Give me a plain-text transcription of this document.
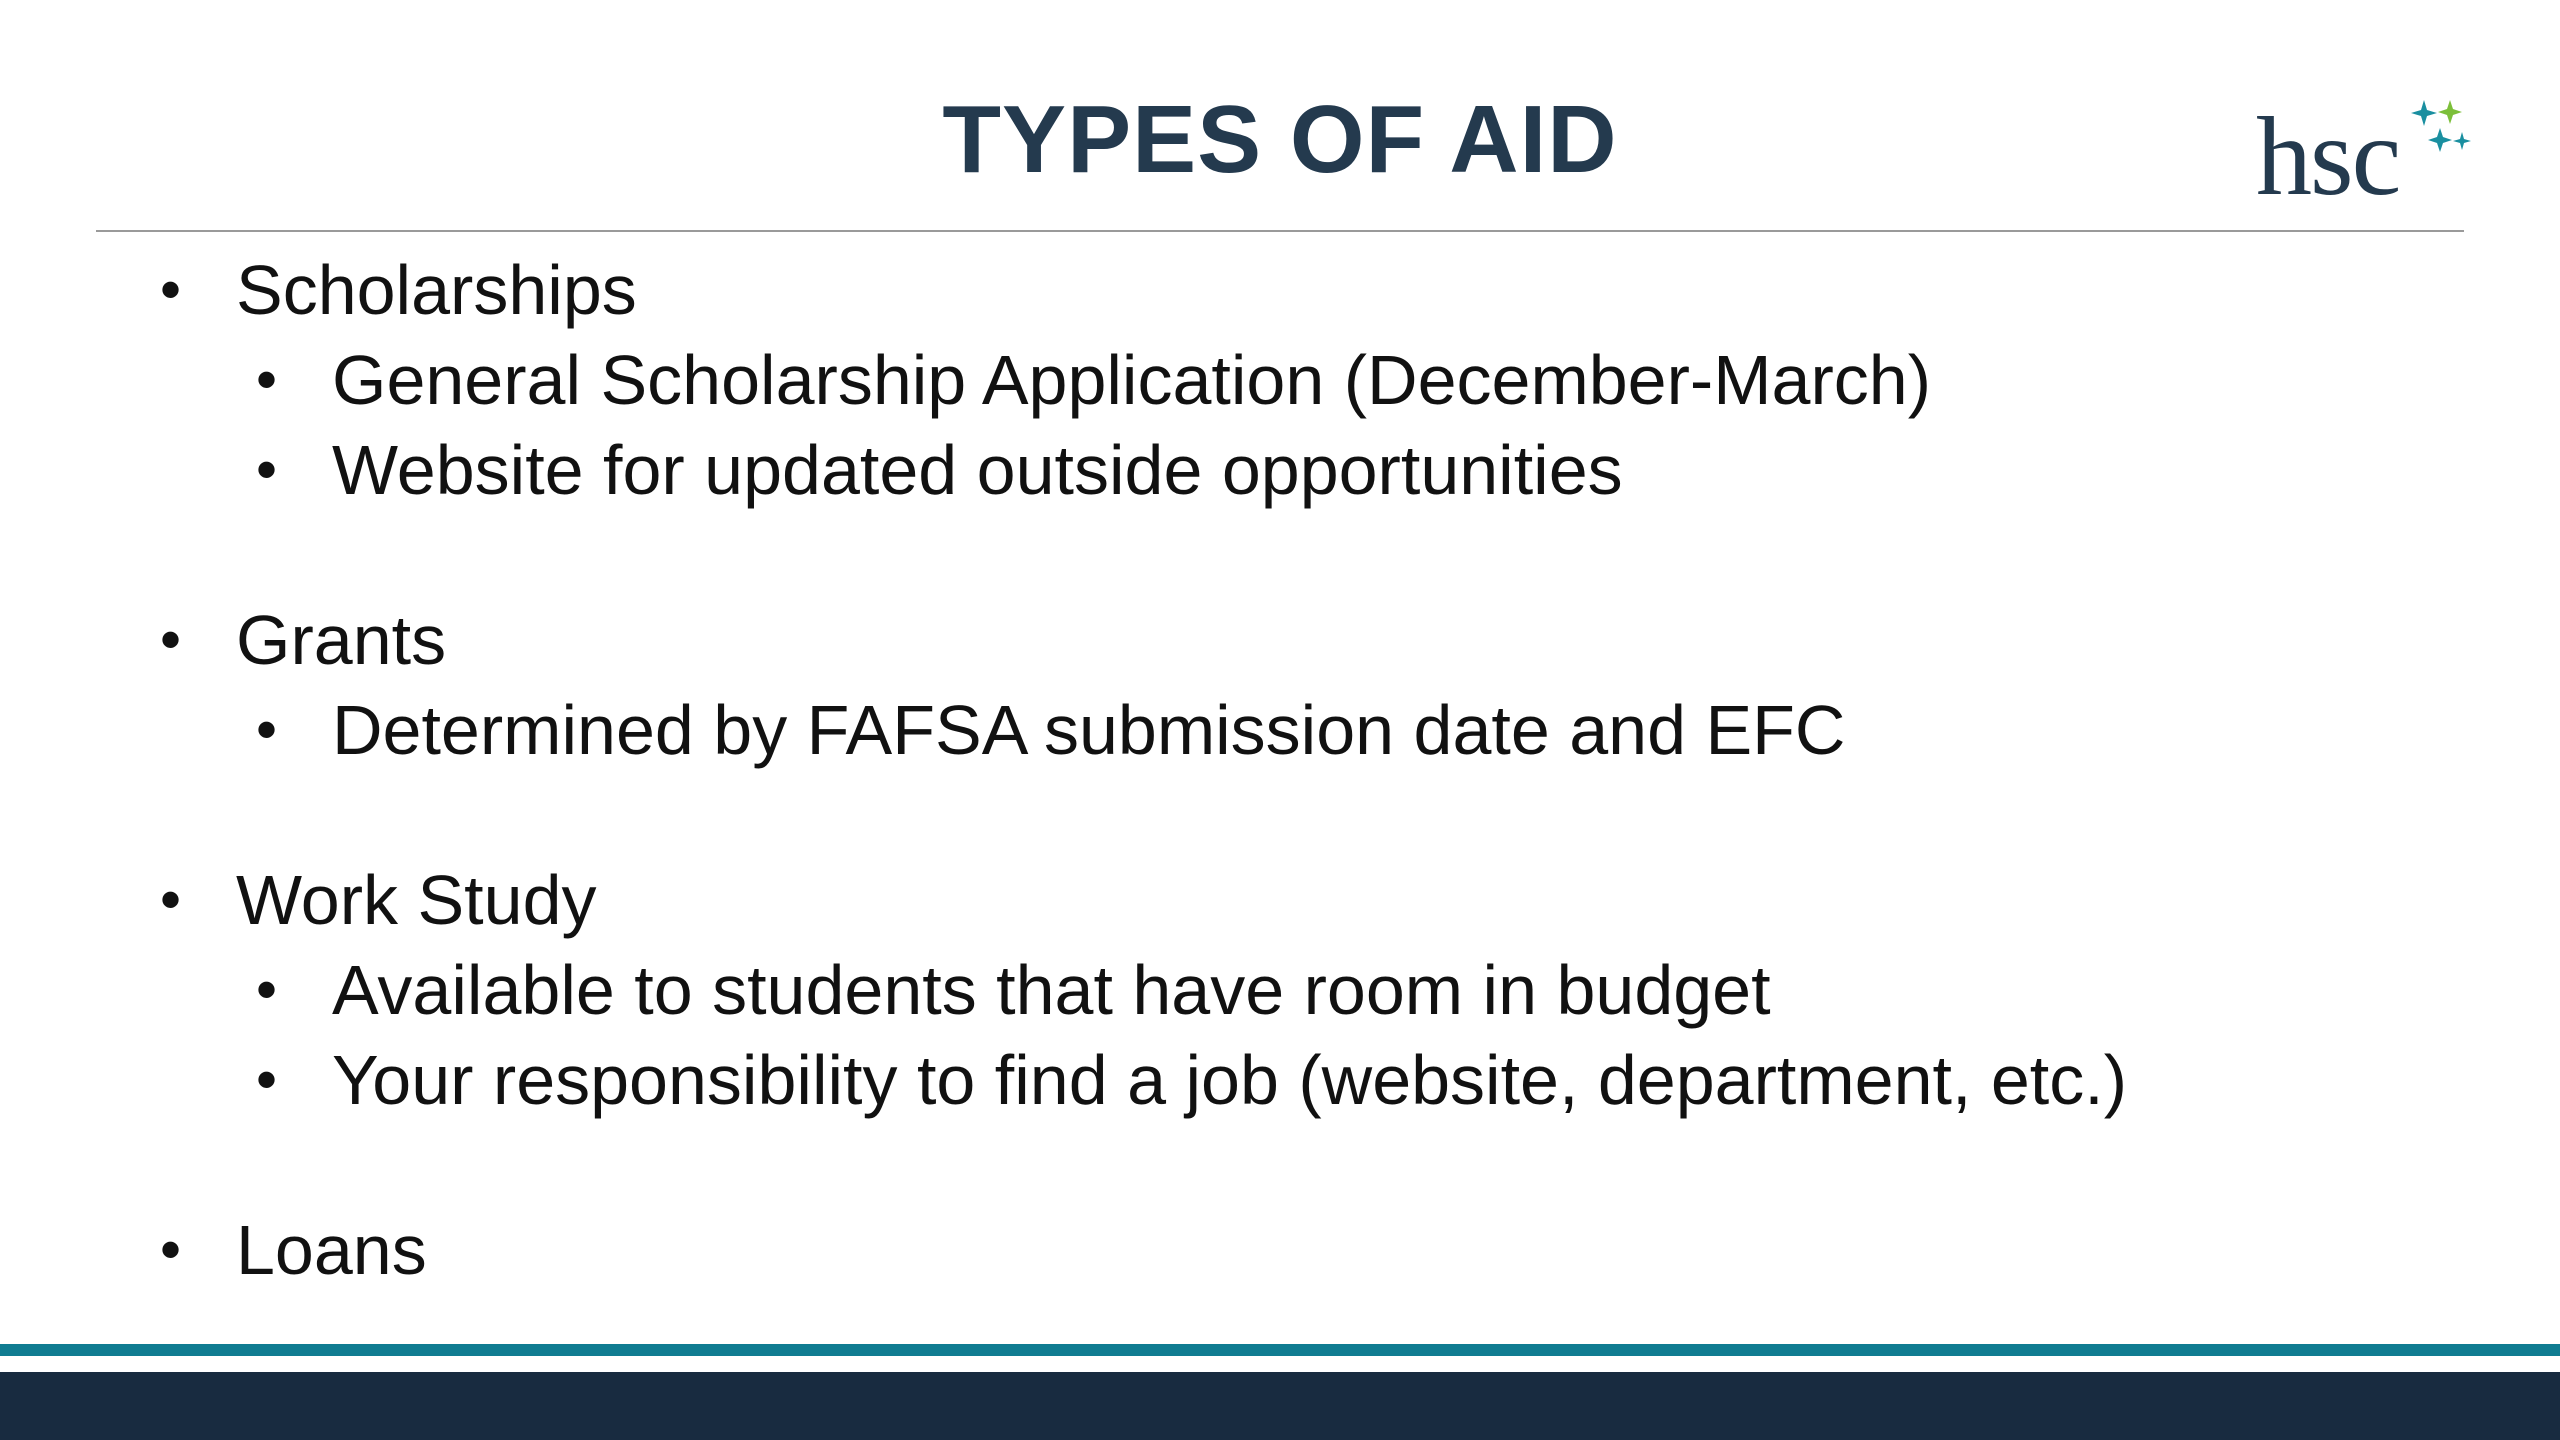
TYPES OF AID	hsc
• Scholarships
• General Scholarship Application (December-March)
• Website for updated outside opportunities
• Grants
• Determined by FAFSA submission date and EFC
• Work Study
• Available to students that have room in budget
• Your responsibility to find a job (website, department, etc.)
• Loans
